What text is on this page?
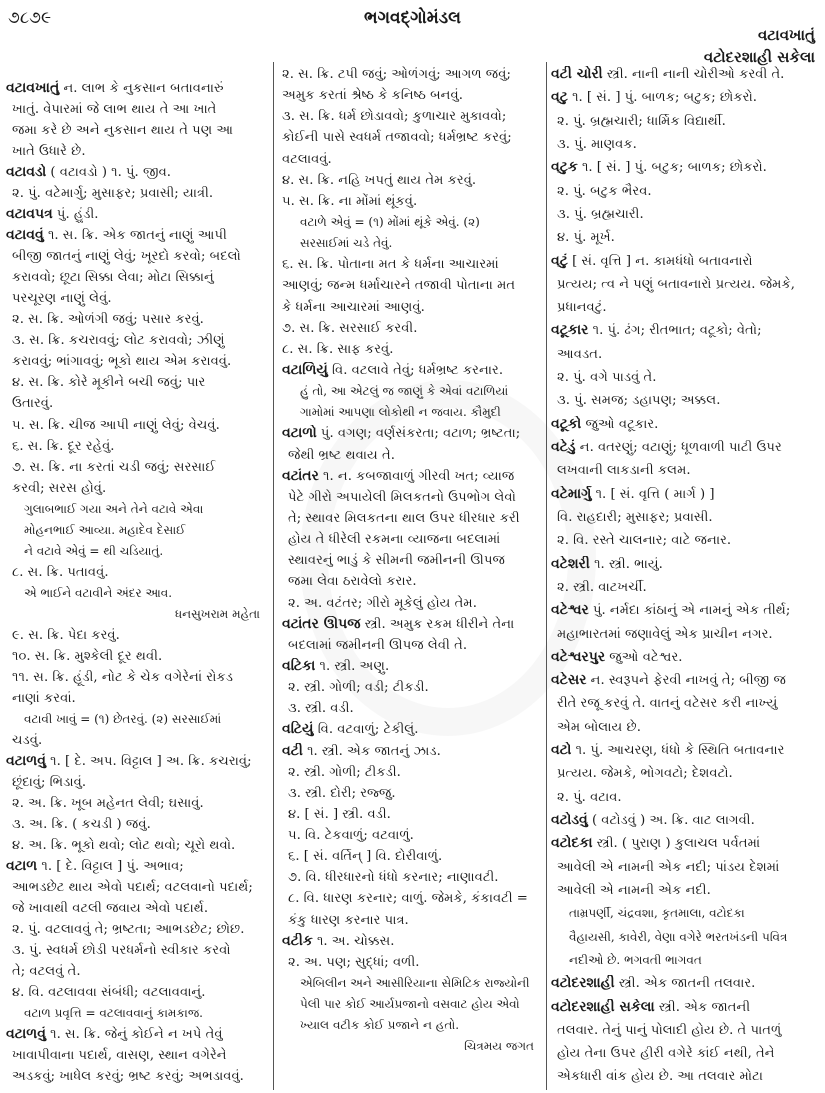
૭૮૭૯	ભગવદ્ગોમંડલ
વટાવખાતું
વટોદરશાહી સકેલા
વટાવખાતું ન. લાભ કે નુકસાન બતાવનારું
ખાતું. વેપારમાં જે લાભ થાય તે આ ખાતે
જમા કરે છે અને નુકસાન થાય તે પણ આ
ખાતે ઉધારે છે.
વટાવડો ( વટાવડો ) ૧. પું. જીવ.
૨. પું. વટેમાર્ગુ; મુસાફર; પ્રવાસી; યાત્રી.
વટાવપત્ર પું. હુંડી.
વટાવવું ૧. સ. ક્રિ. એક જાતનું નાણું આપી
બીજી જાતનું નાણું લેવું; ખૂરદો કરવો; બદલો
કરાવવો; છૂટા સિક્કા લેવા; મોટા સિક્કાનું
પરચૂરણ નાણું લેવું.
૨. સ. ક્રિ. ઓળંગી જવું; પસાર કરવું.
૩. સ. ક્રિ. કચરાવવું; લોટ કરાવવો; ઝીણું
કરાવવું; ભાંગાવવું; ભૂકો થાય એમ કરાવવું.
૪. સ. ક્રિ. કોરે મૂકીને બચી જવું; પાર
ઉતારવું.
૫. સ. ક્રિ. ચીજ આપી નાણું લેવું; વેચવું.
૬. સ. ક્રિ. દૂર રહેવું.
૭. સ. ક્રિ. ના કરતાં ચડી જવું; સરસાઈ
કરવી; સરસ હોવું.
ગુલાબભાઈ ગયા અને તેને વટાવે એવા
મોહનભાઈ આવ્યા. મહાદેવ દેસાઈ
ને વટાવે એવું = થી ચડિયાતું.
૮. સ. ક્રિ. પતાવવું.
એ ભાઈને વટાવીને અંદર આવ.
ધનસુખરામ મહેતા
૯. સ. ક્રિ. પેદા કરવું.
૧૦. સ. ક્રિ. મુશ્કેલી દૂર થવી.
૧૧. સ. ક્રિ. હૂંડી, નોટ કે ચેક વગેરેનાં રોકડ
નાણાં કરવાં.
વટાવી ખાવું = (૧) છેતરવું. (૨) સરસાઈમાં
ચડવું.
વટાળવું ૧. [ દે. અપ. વિટ્ટાલ ] અ. ક્રિ. કચરાવું;
છૂંદાવું; ભિડાવું.
૨. અ. ક્રિ. ખૂબ મહેનત લેવી; ઘસાવું.
૩. અ. ક્રિ. ( કચડી ) જવું.
૪. અ. ક્રિ. ભૂકો થવો; લોટ થવો; ચૂરો થવો.
વટાળ ૧. [ દે. વિટ્ટાલ ] પું. અભાવ;
આભડછેટ થાય એવો પદાર્થ; વટલવાનો પદાર્થ;
જે ખાવાથી વટલી જવાય એવો પદાર્થ.
૨. પું. વટલાવવું તે; ભ્રષ્ટતા; આભડછેટ; છોછ.
૩. પું. સ્વધર્મ છોડી પરધર્મનો સ્વીકાર કરવો
તે; વટલવું તે.
૪. વિ. વટલાવવા સંબંધી; વટલાવવાનું.
વટાળ પ્રવૃત્તિ = વટલાવવાનું કામકાજ.
વટાળવું ૧. સ. ક્રિ. જેનું કોઈને ન ખપે તેવું
ખાવાપીવાના પદાર્થ, વાસણ, સ્થાન વગેરેને
અડકવું; ખાધેલ કરવું; ભ્રષ્ટ કરવું; અભડાવવું.
૨. સ. ક્રિ. ટપી જવું; ઓળંગવું; આગળ જવું;
અમુક કરતાં શ્રેષ્ઠ કે કનિષ્ઠ બનવું.
૩. સ. ક્રિ. ધર્મ છોડાવવો; કુળાચાર મુકાવવો;
કોઈની પાસે સ્વધર્મ તજાવવો; ધર્મભ્રષ્ટ કરવું;
વટલાવવું.
૪. સ. ક્રિ. નહિ ખપતું થાય તેમ કરવું.
૫. સ. ક્રિ. ના મોંમાં થૂંકવું.
વટાળે એવું = (૧) મોંમાં થૂંકે એવું. (૨)
સરસાઈમાં ચડે તેવું.
૬. સ. ક્રિ. પોતાના મત કે ધર્મના આચારમાં
આણવું; જન્મ ધર્માચારને તજાવી પોતાના મત
કે ધર્મના આચારમાં આણવું.
૭. સ. ક્રિ. સરસાઈ કરવી.
૮. સ. ક્રિ. સાફ કરવું.
વટાળિયું વિ. વટલાવે તેવું; ધર્મભ્રષ્ટ કરનાર.
હું તો, આ એટલું જ જાણું કે એવાં વટાળિયાં
ગામોમાં આપણા લોકોથી ન જવાય. કૌમુદી
વટાળો પું. વગણ; વર્ણસંકરતા; વટાળ; ભ્રષ્ટતા;
જેથી ભ્રષ્ટ થવાય તે.
વટાંતર ૧. ન. કબજાવાળું ગીરવી ખત; વ્યાજ
પેટે ગીરો અપાયેલી મિલકતનો ઉપભોગ લેવો
તે; સ્થાવર મિલકતના થાલ ઉપર ધીરધાર કરી
હોય તે ધીરેલી રકમના વ્યાજના બદલામાં
સ્થાવરનું ભાડું કે સીમની જમીનની ઊપજ
જમા લેવા ઠરાવેલો કરાર.
૨. અ. વટંતર; ગીરો મૂકેલું હોય તેમ.
વટાંતર ઊપજ સ્ત્રી. અમુક રકમ ધીરીને તેના
બદલામાં જમીનની ઊપજ લેવી તે.
વટિકા ૧. સ્ત્રી. અણુ.
૨. સ્ત્રી. ગોળી; વડી; ટીકડી.
૩. સ્ત્રી. વડી.
વટિયું વિ. વટવાળું; ટેકીલું.
વટી ૧. સ્ત્રી. એક જાતનું ઝાડ.
૨. સ્ત્રી. ગોળી; ટીકડી.
૩. સ્ત્રી. દોરી; રજ્જુ.
૪. [ સં. ] સ્ત્રી. વડી.
૫. વિ. ટેકવાળું; વટવાળું.
૬. [ સં. વર્તિન્ ] વિ. દોરીવાળું.
૭. વિ. ધીરધારનો ધંધો કરનાર; નાણાવટી.
૮. વિ. ધારણ કરનાર; વાળું. જેમકે, કંકાવટી =
કંકુ ધારણ કરનાર પાત્ર.
વટીક ૧. અ. ચોક્કસ.
૨. અ. પણ; સુદ્ધાં; વળી.
એબિલીન અને આસીરિયાના સેમિટિક રાજ્યોની
પેલી પાર કોઈ આર્યપ્રજાનો વસવાટ હોય એવો
ખ્યાલ વટીક કોઈ પ્રજાને ન હતો.
ચિત્રમય જગત
વટી ચોરી સ્ત્રી. નાની નાની ચોરીઓ કરવી તે.
વટુ ૧. [ સં. ] પું. બાળક; બટુક; છોકરો.
૨. પું. બ્રહ્મચારી; ધાર્મિક વિદ્યાર્થી.
૩. પું. માણવક.
વટુક ૧. [ સં. ] પું. બટુક; બાળક; છોકરો.
૨. પું. બટુક ભૈરવ.
૩. પું. બ્રહ્મચારી.
૪. પું. મૂર્ખ.
વટું [ સં. વૃત્તિ ] ન. કામધંધો બતાવનારો
પ્રત્યય; ત્વ ને પણું બતાવનારો પ્રત્યય. જેમકે,
પ્રધાનવટું.
વટૂકાર ૧. પું. ઢંગ; રીતભાત; વટૂકો; વેતો;
આવડત.
૨. પું. વગે પાડવું તે.
૩. પું. સમજ; ડહાપણ; અક્કલ.
વટૂકો જુઓ વટૂકાર.
વટેડું ન. વતરણું; વટાણું; ધૂળવાળી પાટી ઉપર
લખવાની લાકડાની કલમ.
વટેમાર્ગુ ૧. [ સં. વૃત્તિ ( માર્ગ ) ]
વિ. રાહદારી; મુસાફર; પ્રવાસી.
૨. વિ. રસ્તે ચાલનાર; વાટે જનાર.
વટેશરી ૧. સ્ત્રી. ભાયું.
૨. સ્ત્રી. વાટખર્ચી.
વટેશ્વર પું. નર્મદા કાંઠાનું એ નામનું એક તીર્થ;
મહાભારતમાં જણાવેલું એક પ્રાચીન નગર.
વટેશ્વરપુર જુઓ વટેશ્વર.
વટેસર ન. સ્વરૂપને ફેરવી નાખવું તે; બીજી જ
રીતે રજૂ કરવું તે. વાતનું વટેસર કરી નાખ્યું
એમ બોલાય છે.
વટો ૧. પું. આચરણ, ધંધો કે સ્થિતિ બતાવનાર
પ્રત્યય. જેમકે, ભોગવટો; દેશવટો.
૨. પું. વટાવ.
વટોડવું ( વટોડવું ) અ. ક્રિ. વાટ લાગવી.
વટોદકા સ્ત્રી. ( પુરાણ ) કુલાચલ પર્વતમાં
આવેલી એ નામની એક નદી; પાંડય દેશમાં
આવેલી એ નામની એક નદી.
તામ્રપર્ણી, ચંદ્રવશા, કૃતમાલા, વટોદકા
વૈહાયસી, કાવેરી, વેણા વગેરે ભરતખંડની પવિત્ર
નદીઓ છે. ભગવતી ભાગવત
વટોદરશાહી સ્ત્રી. એક જાતની તલવાર.
વટોદરશાહી સકેલા સ્ત્રી. એક જાતની
તલવાર. તેનું પાનું પોલાદી હોય છે. તે પાતળું
હોય તેના ઉપર હીરી વગેરે કાંઈ નથી, તેને
એકધારી વાંક હોય છે. આ તલવાર મોટા
